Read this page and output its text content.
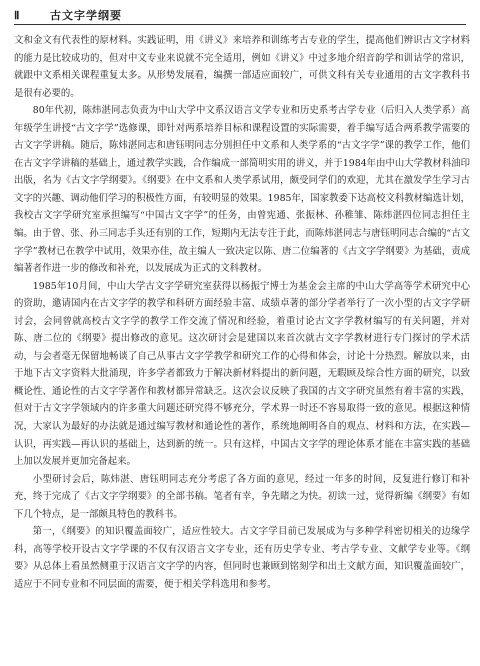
Ⅱ	古文字学纲要

文和金文有代表性的原材料。实践证明，用《讲义》来培养和训练考古专业的学生，提高他们辨识古文字材料的能力是比较成功的，但对中文专业来说就不完全适用，例如《讲义》中过多地介绍音韵学和训诂学的常识，就跟中文系相关课程重复太多。从形势发展看，编撰一部适应面较广，可供文科有关专业通用的古文字教科书是很有必要的。

80年代初，陈炜湛同志负责为中山大学中文系汉语言文学专业和历史系考古学专业（后归入人类学系）高年级学生讲授“古文字学”选修课，即针对两系培养目标和课程设置的实际需要，着手编写适合两系教学需要的古文字学讲稿。随后，陈炜湛同志和唐钰明同志分别担任中文系和人类学系的“古文字学”课的教学工作，他们在古文字学讲稿的基础上，通过教学实践，合作编成一部简明实用的讲义，并于1984年由中山大学教材科油印出版，名为《古文字学纲要》。《纲要》在中文系和人类学系试用，颇受同学们的欢迎，尤其在激发学生学习古文字的兴趣、调动他们学习的积极性方面，有较明显的效果。1985年，国家教委下达高校文科教材编选计划，我校古文字学研究室承担编写“中国古文字学”的任务，由曾宪通、张振林、孙稚雏、陈炜湛四位同志担任主编。由于曾、张、孙三同志手头还有别的工作，短期内无法专注于此，而陈炜湛同志与唐钰明同志合编的“古文字学”教材已在教学中试用，效果亦佳，故主编人一致决定以陈、唐二位编著的《古文字学纲要》为基础，责成编著者作进一步的修改和补充，以发展成为正式的文科教材。

1985年10月间，中山大学古文字学研究室获得以杨振宁博士为基金会主席的中山大学高等学术研究中心的资助，邀请国内在古文字学的教学和科研方面经验丰富、成绩卓著的部分学者举行了一次小型的古文字学研讨会，会同曾就高校古文字学的教学工作交流了情况和经验，着重讨论古文字学教材编写的有关问题，并对陈、唐二位的《纲要》提出修改的意见。这次研讨会是建国以来首次就古文字学教材进行专门探讨的学术活动，与会者毫无保留地畅谈了自己从事古文字学教学和研究工作的心得和体会，讨论十分热烈。解放以来，由于地下古文字资料大批涌现，许多学者都致力于解决新材料提出的新问题，无暇顾及综合性方面的研究，以致概论性、通论性的古文字学著作和教材都异常缺乏。这次会议反映了我国的古文字研究虽然有着丰富的实践，但对于古文字学领域内的许多重大问题还研究得不够充分，学术界一时还不容易取得一致的意见。根据这种情况，大家认为最好的办法就是通过编写教材和通论性的著作，系统地阐明各自的观点、材料和方法，在实践—认识，再实践—再认识的基础上，达到新的统一。只有这样，中国古文字学的理论体系才能在丰富实践的基础上加以发展并更加完备起来。

小型研讨会后，陈炜湛、唐钰明同志充分考虑了各方面的意见，经过一年多的时间，反复进行修订和补充，终于完成了《古文字学纲要》的全部书稿。笔者有幸，争先睹之为快。初读一过，觉得新编《纲要》有如下几个特点，是一部颇具特色的教科书。

第一，《纲要》的知识覆盖面较广，适应性较大。古文字学目前已发展成为与多种学科密切相关的边缘学科，高等学校开设古文字学课的不仅有汉语言文字专业，还有历史学专业、考古学专业、文献学专业等。《纲要》从总体上看虽然侧重于汉语言文字学的内容，但同时也兼顾到铭刻学和出土文献方面，知识覆盖面较广，适应于不同专业和不同层面的需要，便于相关学科选用和参考。
